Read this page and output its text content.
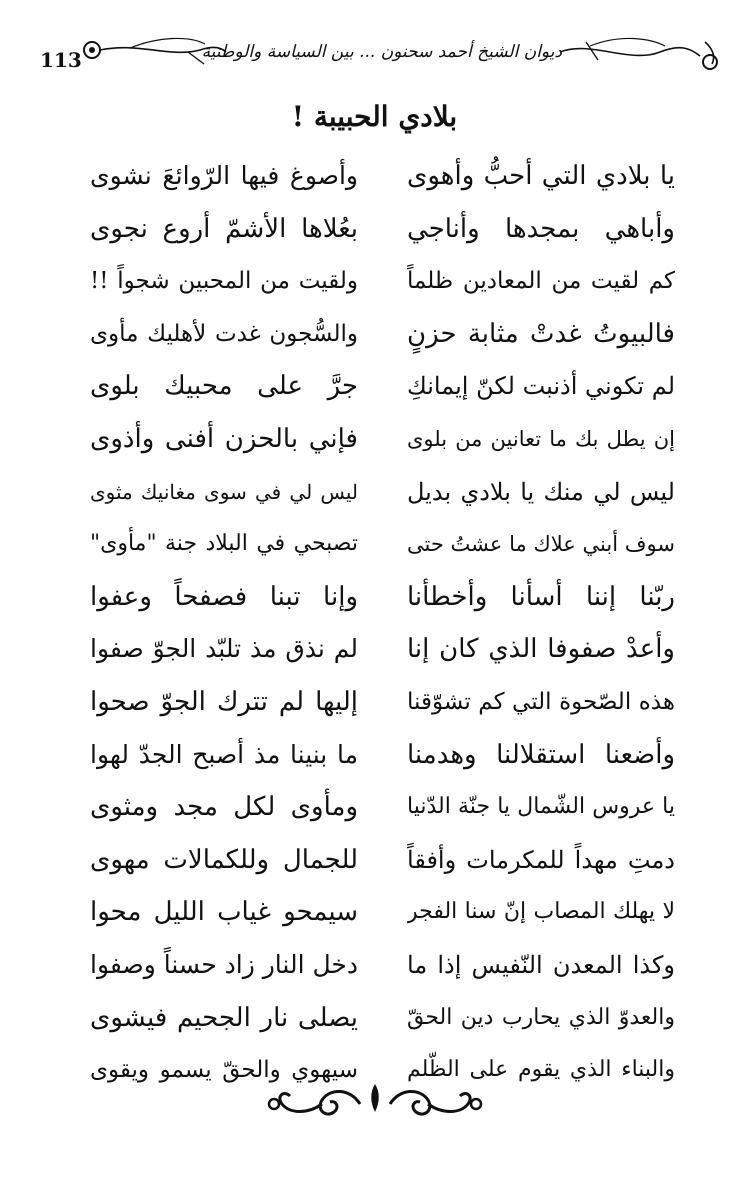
113	ديوان الشيخ أحمد سحنون ... بين السياسة والوطنية
بلادي الحبيبة !
يا بلادي التي أحبُّ وأهوى
وأصوغ فيها الرّوائعَ نشوى
وأباهي بمجدها وأناجي
بعُلاها الأشمّ أروع نجوى
كم لقيت من المعادين ظلماً
ولقيت من المحبين شجواً !!
فالبيوتُ غدتْ مثابة حزنٍ
والسُّجون غدت لأهليك مأوى
لم تكوني أذنبت لكنّ إيمانكِ
جرَّ على محبيك بلوى
إن يطل بك ما تعانين من بلوى
فإني بالحزن أفنى وأذوى
ليس لي منك يا بلادي بديل
ليس لي في سوى مغانيك مثوى
سوف أبني علاك ما عشتُ حتى
تصبحي في البلاد جنة "مأوى"
ربّنا إننا أسأنا وأخطأنا
وإنا تبنا فصفحاً وعفوا
وأعدْ صفوفا الذي كان إنا
لم نذق مذ تلبّد الجوّ صفوا
هذه الصّحوة التي كم تشوّقنا
إليها لم تترك الجوّ صحوا
وأضعنا استقلالنا وهدمنا
ما بنينا مذ أصبح الجدّ لهوا
يا عروس الشّمال يا جنّة الدّنيا
ومأوى لكل مجد ومثوى
دمتِ مهداً للمكرمات وأفقاً
للجمال وللكمالات مهوى
لا يهلك المصاب إنّ سنا الفجر
سيمحو غياب الليل محوا
وكذا المعدن النّفيس إذا ما
دخل النار زاد حسناً وصفوا
والعدوّ الذي يحارب دين الحقّ
يصلى نار الجحيم فيشوى
والبناء الذي يقوم على الظّلم
سيهوي والحقّ يسمو ويقوى
